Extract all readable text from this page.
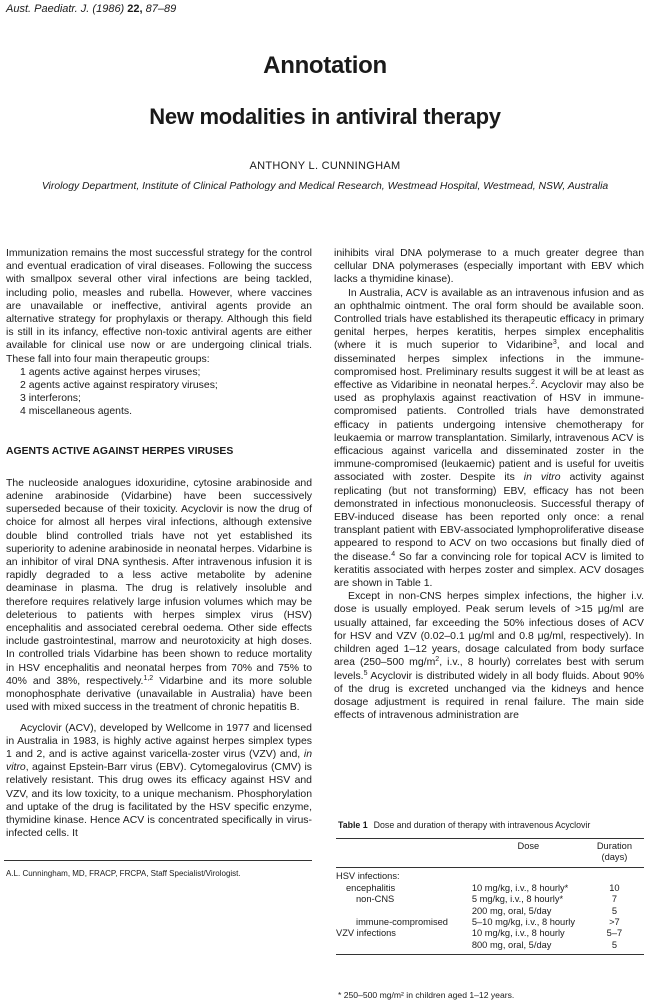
Aust. Paediatr. J. (1986) 22, 87–89
Annotation
New modalities in antiviral therapy
ANTHONY L. CUNNINGHAM
Virology Department, Institute of Clinical Pathology and Medical Research, Westmead Hospital, Westmead, NSW, Australia

Immunization remains the most successful strategy for the control and eventual eradication of viral diseases. Following the success with smallpox several other viral infections are being tackled, including polio, measles and rubella. However, where vaccines are unavailable or ineffective, antiviral agents provide an alternative strategy for prophylaxis or therapy. Although this field is still in its infancy, effective non-toxic antiviral agents are either available for clinical use now or are undergoing clinical trials. These fall into four main therapeutic groups:

1 agents active against herpes viruses;
2 agents active against respiratory viruses;
3 interferons;
4 miscellaneous agents.

AGENTS ACTIVE AGAINST HERPES VIRUSES

The nucleoside analogues idoxuridine, cytosine arabinoside and adenine arabinoside (Vidarbine) have been successively superseded because of their toxicity. Acyclovir is now the drug of choice for almost all herpes viral infections, although extensive double blind controlled trials have not yet established its superiority to adenine arabinoside in neonatal herpes. Vidarbine is an inhibitor of viral DNA synthesis. After intravenous infusion it is rapidly degraded to a less active metabolite by adenine deaminase in plasma. The drug is relatively insoluble and therefore requires relatively large infusion volumes which may be deleterious to patients with herpes simplex virus (HSV) encephalitis and associated cerebral oedema. Other side effects include gastrointestinal, marrow and neurotoxicity at high doses. In controlled trials Vidarbine has been shown to reduce mortality in HSV encephalitis and neonatal herpes from 70% and 75% to 40% and 38%, respectively.$^{1,2}$ Vidarbine and its more soluble monophosphate derivative (unavailable in Australia) have been used with mixed success in the treatment of chronic hepatitis B.

Acyclovir (ACV), developed by Wellcome in 1977 and licensed in Australia in 1983, is highly active against herpes simplex types 1 and 2, and is active against varicella-zoster virus (VZV) and, in vitro, against Epstein-Barr virus (EBV). Cytomegalovirus (CMV) is relatively resistant. This drug owes its efficacy against HSV and VZV, and its low toxicity, to a unique mechanism. Phosphorylation and uptake of the drug is facilitated by the HSV specific enzyme, thymidine kinase. Hence ACV is concentrated specifically in virus-infected cells. It

A.L. Cunningham, MD, FRACP, FRCPA, Staff Specialist/Virologist.

inihibits viral DNA polymerase to a much greater degree than cellular DNA polymerases (especially important with EBV which lacks a thymidine kinase).

In Australia, ACV is available as an intravenous infusion and as an ophthalmic ointment. The oral form should be available soon. Controlled trials have established its therapeutic efficacy in primary genital herpes, herpes keratitis, herpes simplex encephalitis (where it is much superior to Vidaribine$^3$, and local and disseminated herpes simplex infections in the immune-compromised host. Preliminary results suggest it will be at least as effective as Vidaribine in neonatal herpes.$^2$. Acyclovir may also be used as prophylaxis against reactivation of HSV in immune-compromised patients. Controlled trials have demonstrated efficacy in patients undergoing intensive chemotherapy for leukaemia or marrow transplantation. Similarly, intravenous ACV is efficacious against varicella and disseminated zoster in the immune-compromised (leukaemic) patient and is useful for uveitis associated with zoster. Despite its in vitro activity against replicating (but not transforming) EBV, efficacy has not been demonstrated in infectious mononucleosis. Successful therapy of EBV-induced disease has been reported only once: a renal transplant patient with EBV-associated lymphoproliferative disease appeared to respond to ACV on two occasions but finally died of the disease.$^4$ So far a convincing role for topical ACV is limited to keratitis associated with herpes zoster and simplex. ACV dosages are shown in Table 1.

Except in non-CNS herpes simplex infections, the higher i.v. dose is usually employed. Peak serum levels of >15 μg/ml are usually attained, far exceeding the 50% infectious doses of ACV for HSV and VZV (0.02–0.1 μg/ml and 0.8 μg/ml, respectively). In children aged 1–12 years, dosage calculated from body surface area (250–500 $mg/m^2$, i.v., 8 hourly) correlates best with serum levels.$^5$ Acyclovir is distributed widely in all body fluids. About 90% of the drug is excreted unchanged via the kidneys and hence dosage adjustment is required in renal failure. The main side effects of intravenous administration are

Table 1 Dose and duration of therapy with intravenous Acyclovir
	Dose	Duration (days)

HSV infections:		
encephalitis	10 mg/kg, i.v., 8 hourly*	10
non-CNS	5 mg/kg, i.v., 8 hourly*	7
	200 mg, oral, 5/day	5
immune-compromised	5–10 mg/kg, i.v., 8 hourly	>7
VZV infections	10 mg/kg, i.v., 8 hourly	5–7
	800 mg, oral, 5/day	5
* 250–500 mg/m² in children aged 1–12 years.
